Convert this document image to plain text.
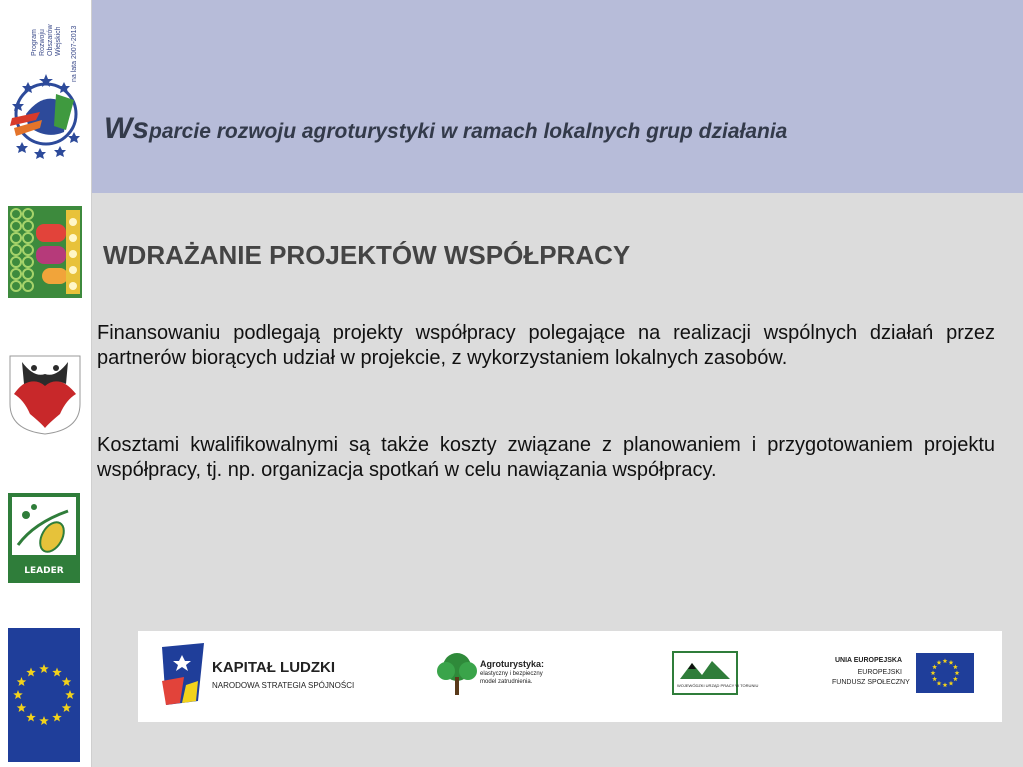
Program Rozwoju Obszarów Wiejskich na lata 2007-2013
LEADER
Wsparcie rozwoju agroturystyki w ramach lokalnych grup działania
WDRAŻANIE PROJEKTÓW WSPÓŁPRACY
Finansowaniu podlegają projekty współpracy polegające na realizacji wspólnych działań przez partnerów biorących udział w projekcie, z wykorzystaniem lokalnych zasobów.
Kosztami kwalifikowalnymi są także koszty związane z planowaniem i przygotowaniem projektu współpracy, tj. np. organizacja spotkań w celu nawiązania współpracy.
KAPITAŁ LUDZKI
NARODOWA STRATEGIA SPÓJNOŚCI
Agroturystyka:
elastyczny i bezpieczny
model zatrudnienia.
WOJEWÓDZKI URZĄD PRACY W TORUNIU
UNIA EUROPEJSKA
EUROPEJSKI
FUNDUSZ SPOŁECZNY
